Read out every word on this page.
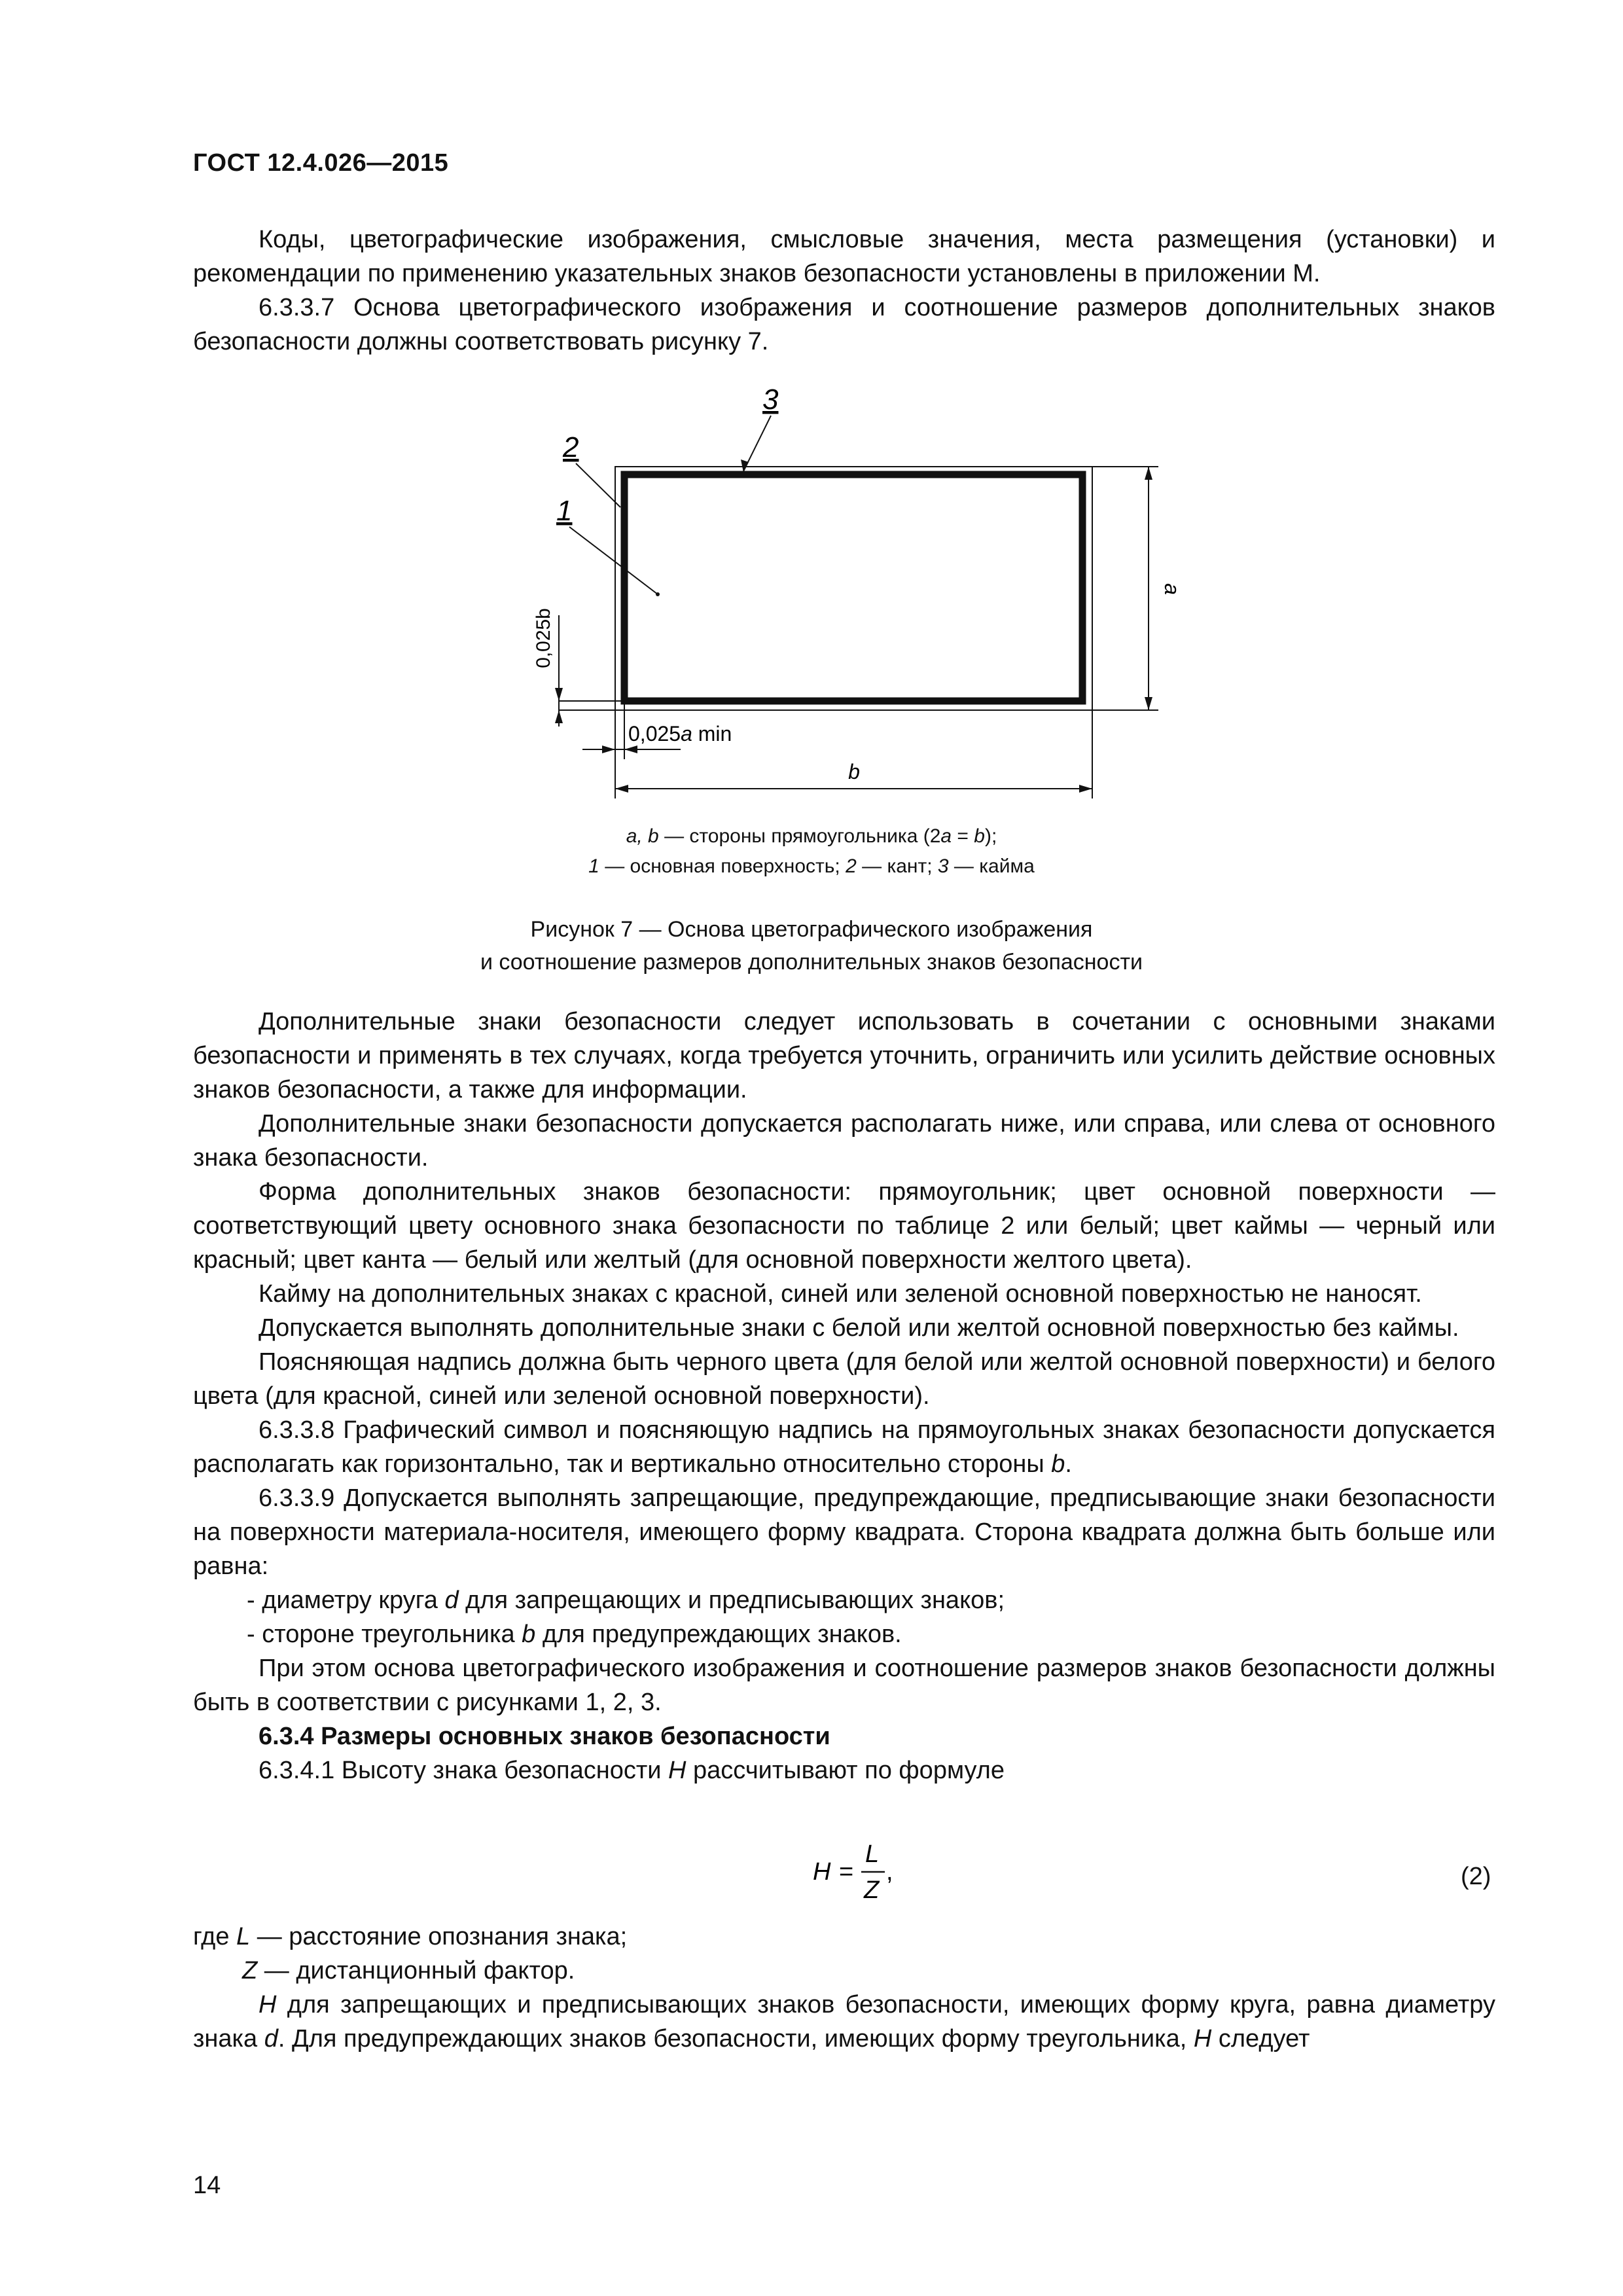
ГОСТ 12.4.026—2015

Коды, цветографические изображения, смысловые значения, места размещения (установки) и рекомендации по применению указательных знаков безопасности установлены в приложении М.

6.3.3.7 Основа цветографического изображения и соотношение размеров дополнительных знаков безопасности должны соответствовать рисунку 7.

a
b
0,025a min
0,025b
2
1
3
a, b — стороны прямоугольника (2a = b);
1 — основная поверхность; 2 — кант; 3 — кайма
Рисунок 7 — Основа цветографического изображения
и соотношение размеров дополнительных знаков безопасности

Дополнительные знаки безопасности следует использовать в сочетании с основными знаками безопасности и применять в тех случаях, когда требуется уточнить, ограничить или усилить действие основных знаков безопасности, а также для информации.

Дополнительные знаки безопасности допускается располагать ниже, или справа, или слева от основного знака безопасности.

Форма дополнительных знаков безопасности: прямоугольник; цвет основной поверхности — соответствующий цвету основного знака безопасности по таблице 2 или белый; цвет каймы — черный или красный; цвет канта — белый или желтый (для основной поверхности желтого цвета).

Кайму на дополнительных знаках с красной, синей или зеленой основной поверхностью не наносят.

Допускается выполнять дополнительные знаки с белой или желтой основной поверхностью без каймы.

Поясняющая надпись должна быть черного цвета (для белой или желтой основной поверхности) и белого цвета (для красной, синей или зеленой основной поверхности).

6.3.3.8 Графический символ и поясняющую надпись на прямоугольных знаках безопасности допускается располагать как горизонтально, так и вертикально относительно стороны b.

6.3.3.9 Допускается выполнять запрещающие, предупреждающие, предписывающие знаки безопасности на поверхности материала-носителя, имеющего форму квадрата. Сторона квадрата должна быть больше или равна:

- диаметру круга d для запрещающих и предписывающих знаков;

- стороне треугольника b для предупреждающих знаков.

При этом основа цветографического изображения и соотношение размеров знаков безопасности должны быть в соответствии с рисунками 1, 2, 3.

6.3.4 Размеры основных знаков безопасности

6.3.4.1 Высоту знака безопасности H рассчитывают по формуле

H =
L
Z
,	(2)
где L — расстояние опознания знака;
Z — дистанционный фактор.

H для запрещающих и предписывающих знаков безопасности, имеющих форму круга, равна диаметру знака d. Для предупреждающих знаков безопасности, имеющих форму треугольника, H следует

14
